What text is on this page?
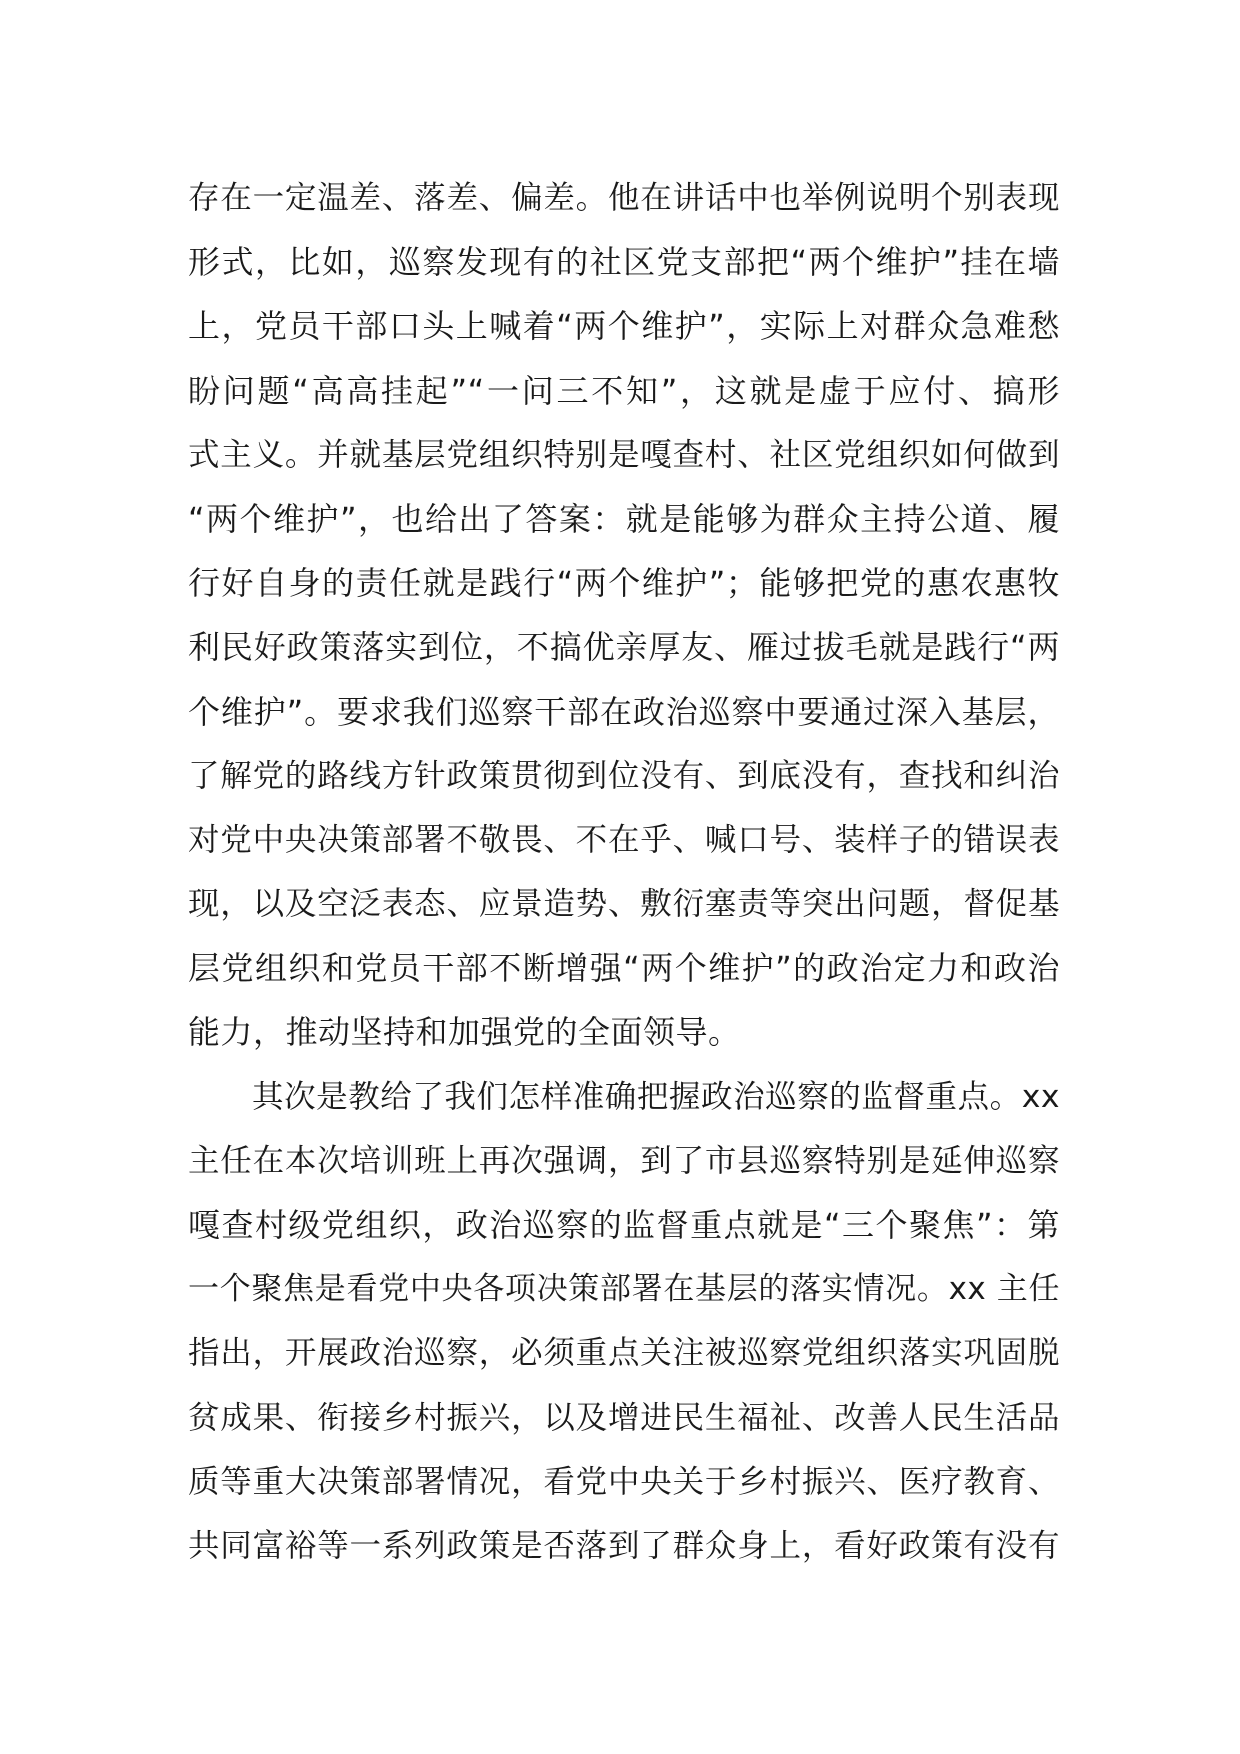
存在一定温差、落差、偏差。他在讲话中也举例说明个别表现
形式，比如，巡察发现有的社区党支部把“两个维护”挂在墙
上，党员干部口头上喊着“两个维护”，实际上对群众急难愁
盼问题“高高挂起”“一问三不知”，这就是虚于应付、搞形
式主义。并就基层党组织特别是嘎查村、社区党组织如何做到
“两个维护”，也给出了答案：就是能够为群众主持公道、履
行好自身的责任就是践行“两个维护”；能够把党的惠农惠牧
利民好政策落实到位，不搞优亲厚友、雁过拔毛就是践行“两
个维护”。要求我们巡察干部在政治巡察中要通过深入基层，
了解党的路线方针政策贯彻到位没有、到底没有，查找和纠治
对党中央决策部署不敬畏、不在乎、喊口号、装样子的错误表
现，以及空泛表态、应景造势、敷衍塞责等突出问题，督促基
层党组织和党员干部不断增强“两个维护”的政治定力和政治
能力，推动坚持和加强党的全面领导。
其次是教给了我们怎样准确把握政治巡察的监督重点。xx
主任在本次培训班上再次强调，到了市县巡察特别是延伸巡察
嘎查村级党组织，政治巡察的监督重点就是“三个聚焦”：第
一个聚焦是看党中央各项决策部署在基层的落实情况。xx 主任
指出，开展政治巡察，必须重点关注被巡察党组织落实巩固脱
贫成果、衔接乡村振兴，以及增进民生福祉、改善人民生活品
质等重大决策部署情况，看党中央关于乡村振兴、医疗教育、
共同富裕等一系列政策是否落到了群众身上，看好政策有没有
